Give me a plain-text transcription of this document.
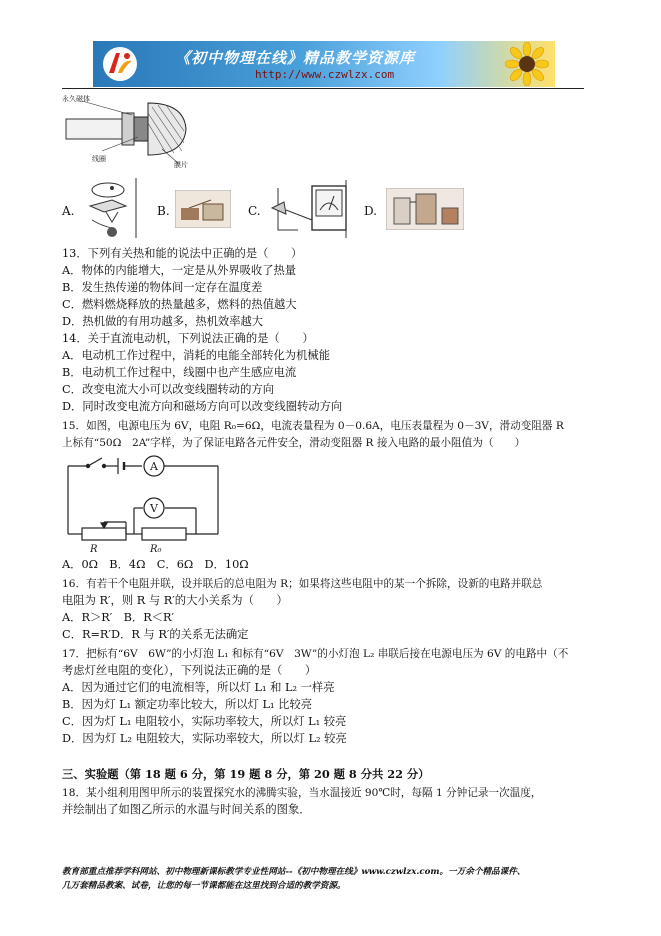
《初中物理在线》精品教学资源库
http://www.czwlzx.com
永久磁体
线圈
膜片
A.	B.	C.	D.
13．下列有关热和能的说法中正确的是（　　）
A．物体的内能增大，一定是从外界吸收了热量
B．发生热传递的物体间一定存在温度差
C．燃料燃烧释放的热量越多，燃料的热值越大
D．热机做的有用功越多，热机效率越大
14．关于直流电动机，下列说法正确的是（　　）
A．电动机工作过程中，消耗的电能全部转化为机械能
B．电动机工作过程中，线圈中也产生感应电流
C．改变电流大小可以改变线圈转动的方向
D．同时改变电流方向和磁场方向可以改变线圈转动方向
15．如图，电源电压为 6V，电阻 R₀=6Ω，电流表量程为 0－0.6A，电压表量程为 0－3V，滑动变阻器 R
上标有“50Ω　2A”字样，为了保证电路各元件安全，滑动变阻器 R 接入电路的最小阻值为（　　）
A
V
R	R₀
A．0Ω　B．4Ω　C．6Ω　D．10Ω
16．有若干个电阻并联，设并联后的总电阻为 R；如果将这些电阻中的某一个拆除，设新的电路并联总
电阻为 R′，则 R 与 R′的大小关系为（　　）
A．R＞R′　B．R＜R′
C．R=R′D．R 与 R′的关系无法确定
17．把标有“6V　6W”的小灯泡 L₁ 和标有“6V　3W”的小灯泡 L₂ 串联后接在电源电压为 6V 的电路中（不
考虑灯丝电阻的变化），下列说法正确的是（　　）
A．因为通过它们的电流相等，所以灯 L₁ 和 L₂ 一样亮
B．因为灯 L₁ 额定功率比较大，所以灯 L₁ 比较亮
C．因为灯 L₁ 电阻较小，实际功率较大，所以灯 L₁ 较亮
D．因为灯 L₂ 电阻较大，实际功率较大，所以灯 L₂ 较亮
三、实验题（第 18 题 6 分，第 19 题 8 分，第 20 题 8 分共 22 分）
18．某小组利用图甲所示的装置探究水的沸腾实验，当水温接近 90℃时，每隔 1 分钟记录一次温度，
并绘制出了如图乙所示的水温与时间关系的图象．
教育部重点推荐学科网站、初中物理新课标教学专业性网站--《初中物理在线》www.czwlzx.com。一万余个精品课件、
几万套精品教案、试卷，让您的每一节课都能在这里找到合适的教学资源。
